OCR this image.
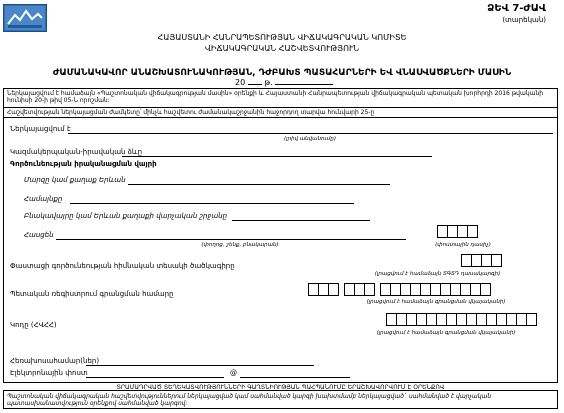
ՁԵՎ 7-ԺԱՎ
(տարեկան)
ՀԱՅԱՍՏԱՆԻ ՀԱՆՐԱՊԵՏՈՒԹՅԱՆ ՎԻՃԱԿԱԳՐԱԿԱՆ ԿՈՄԻՏԵ
ՎԻՃԱԿԱԳՐԱԿԱՆ ՀԱՇՎԵՏՎՈՒԹՅՈՒՆ
ԺԱՄԱՆԱԿԱՎՈՐ ԱՆԱՇԽԱՏՈՒՆԱԿՈՒԹՅԱՆ, ԴԺԲԱԽՏ ՊԱՏԱՀԱՐՆԵՐԻ ԵՎ ՎՆԱՍՎԱԾՔՆԵՐԻ ՄԱՍԻՆ
20 թ.
Ներկայացվում է համաձայն «Պաշտոնական վիճակագրության մասին» օրենքի և Հայաստանի Հանրապետության վիճակագրական պետական խորհրդի 2016 թվականի հունիսի 20-ի թիվ 05-Ն որոշման:
Հաշվետվության ներկայացման ժամկետը՝ մինչև հաշվետու ժամանակաշրջանին հաջորդող տարվա հունվարի 25-ը
Ներկայացվում է
(լրիվ անվանումը)
Կազմակերպական-իրավական ձևը
Գործունեության իրականացման վայրի
Մարզը կամ քաղաք Երևան
Համայնքը
Բնակավայրը կամ Երևան քաղաքի վարչական շրջանը
Հասցեն
(փողոց, շենք, բնակարան)	(փոստային դասիչ)
Փաստացի գործունեության հիմնական տեսակի ծածկագիրը
(լրացվում է համաձայն ՏԳՏԴ դասակարգի)
Պետական ռեգիստրում գրանցման համարը
(լրացվում է համաձայն գրանցման վկայականի)
Կոդը (ՀՎՀՀ)
(լրացվում է համաձայն գրանցման վկայականի)
Հեռախոսահամար(ներ)
Էլեկտրոնային փոստ	@
ՏՐԱՄԱԴՐՎԱԾ ՏԵՂԵԿԱՏՎՈՒԹՅՈՒՆՆԵՐԻ ԳԱՂՏՆԻՈՒԹՅԱՆ ՊԱՀՊԱՆՈՒՄԸ ԵՐԱՇԽԱՎՈՐՎՈՒՄ Է ՕՐԵՆՔՈՎ
Պաշտոնական վիճակագրական հաշվետվություններում ներկայացված կամ սահմանված կարգի խախտմամբ ներկայացված` սահմանված է վարչական պատասխանատվություն օրենքով սահմանված կարգով:
